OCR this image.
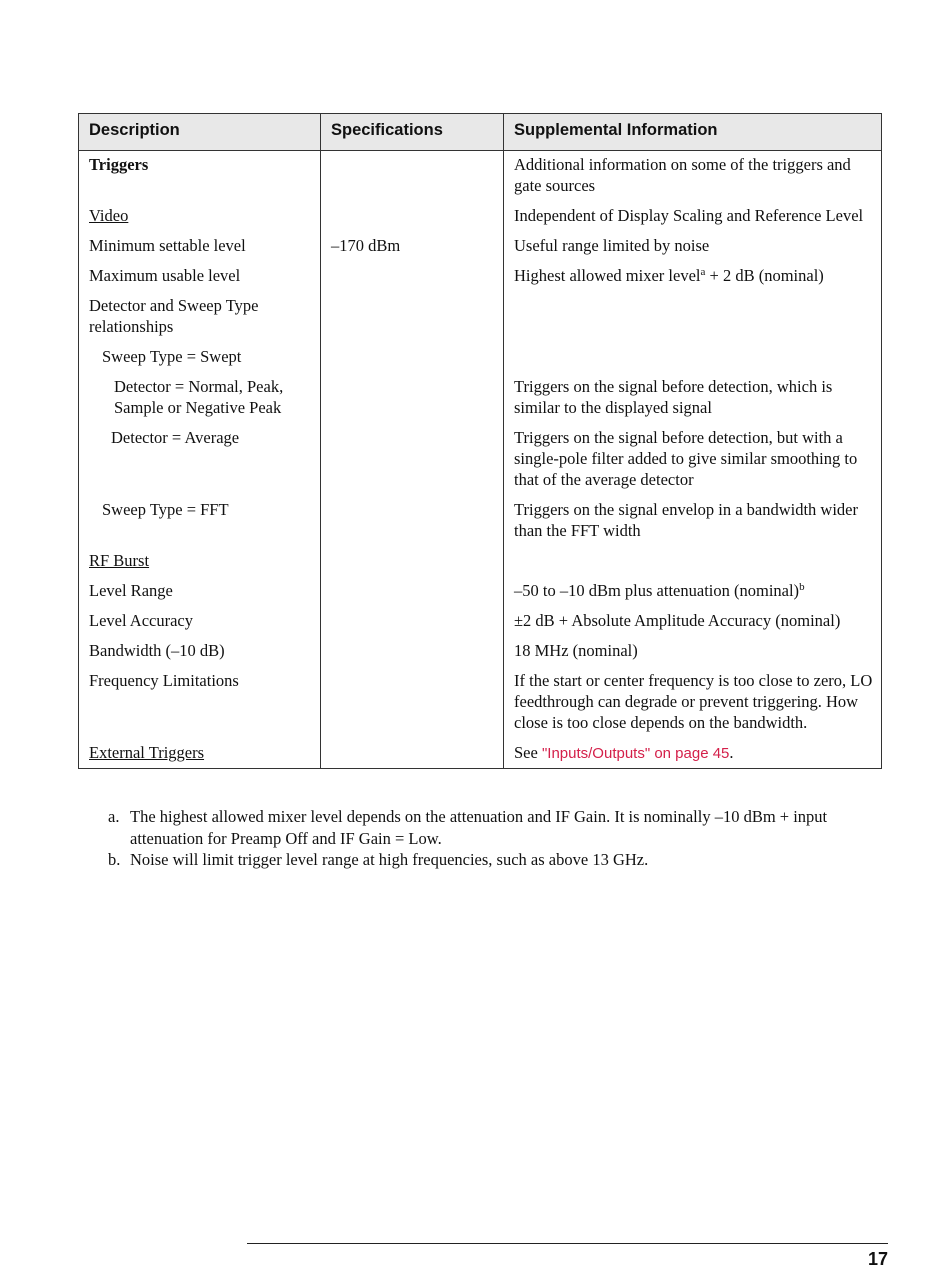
Description	Specifications	Supplemental Information
Triggers		Additional information on some of the triggers and gate sources
Video		Independent of Display Scaling and Reference Level
Minimum settable level	–170 dBm	Useful range limited by noise
Maximum usable level		Highest allowed mixer level$^a$ + 2 dB (nominal)
Detector and Sweep Type relationships		

Sweep Type = Swept		

Detector = Normal, Peak, Sample or Negative Peak		Triggers on the signal before detection, which is similar to the displayed signal

Detector = Average		Triggers on the signal before detection, but with a single-pole filter added to give similar smoothing to that of the average detector

Sweep Type = FFT		Triggers on the signal envelop in a bandwidth wider than the FFT width
RF Burst		
Level Range		–50 to –10 dBm plus attenuation (nominal)$^b$
Level Accuracy		±2 dB + Absolute Amplitude Accuracy (nominal)
Bandwidth (–10 dB)		18 MHz (nominal)
Frequency Limitations		If the start or center frequency is too close to zero, LO feedthrough can degrade or prevent triggering. How close is too close depends on the bandwidth.
External Triggers		See "Inputs/Outputs" on page 45.
a. The highest allowed mixer level depends on the attenuation and IF Gain. It is nominally –10 dBm + input attenuation for Preamp Off and IF Gain = Low.
b. Noise will limit trigger level range at high frequencies, such as above 13 GHz.
17
